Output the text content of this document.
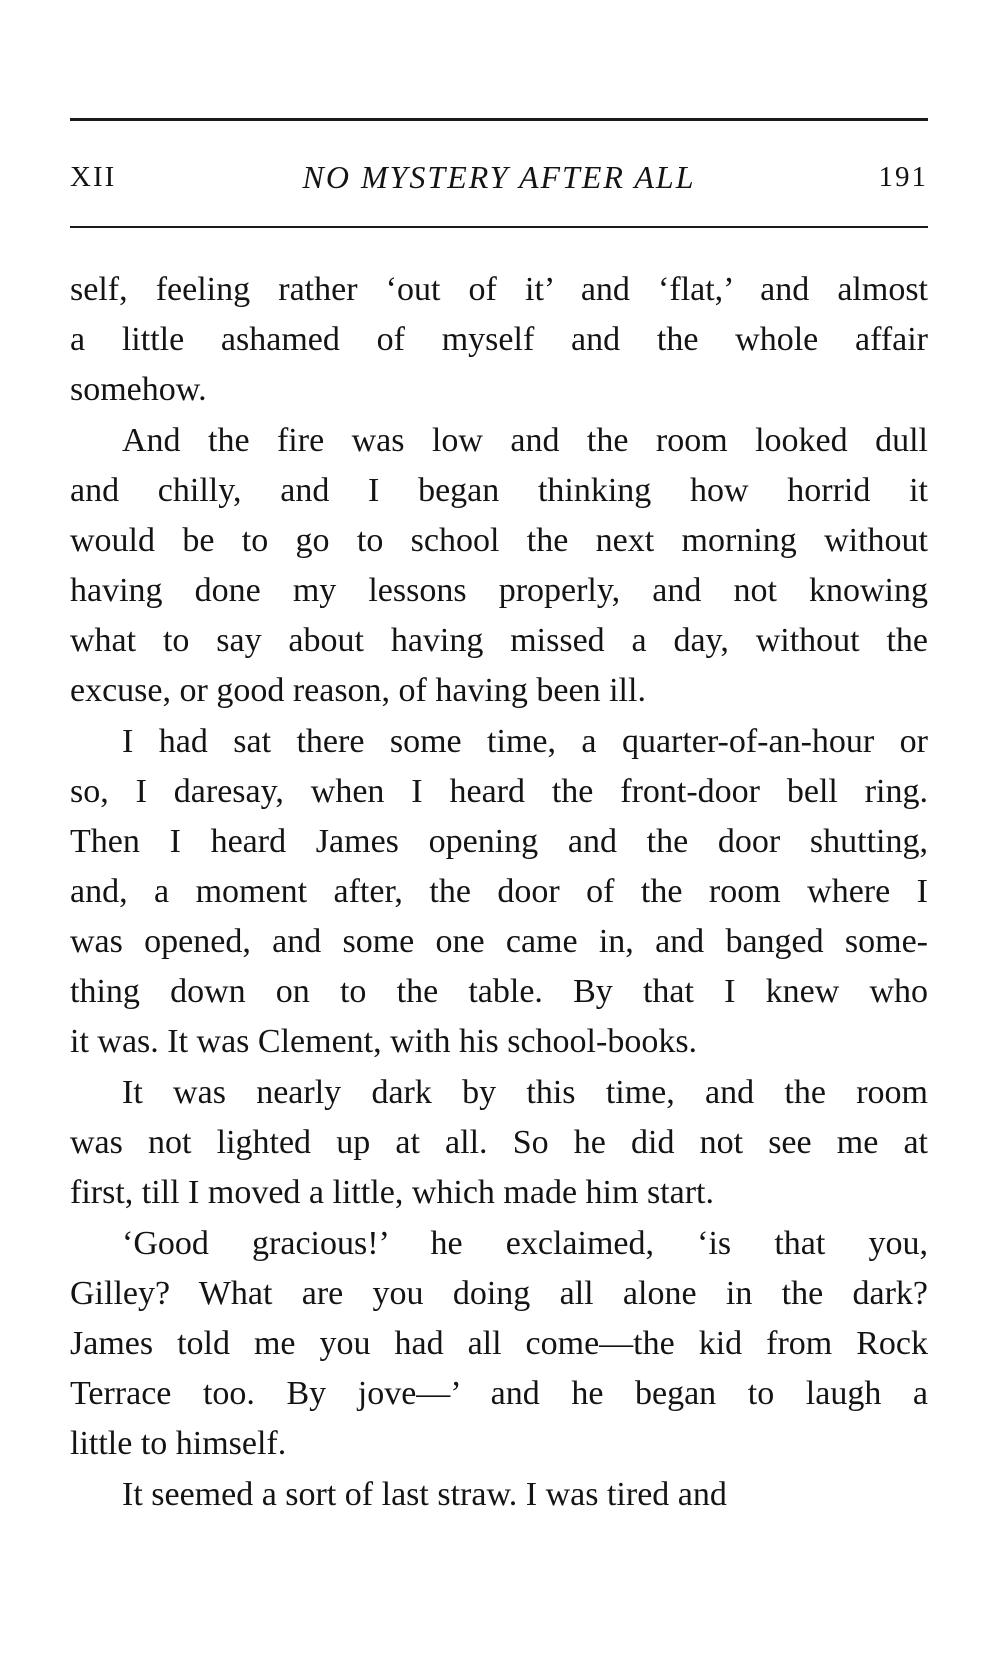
XII	NO MYSTERY AFTER ALL	191
self, feeling rather ‘out of it’ and ‘flat,’ and almost
a little ashamed of myself and the whole affair
somehow.
And the fire was low and the room looked dull
and chilly, and I began thinking how horrid it
would be to go to school the next morning without
having done my lessons properly, and not knowing
what to say about having missed a day, without the
excuse, or good reason, of having been ill.
I had sat there some time, a quarter-of-an-hour or
so, I daresay, when I heard the front-door bell ring.
Then I heard James opening and the door shutting,
and, a moment after, the door of the room where I
was opened, and some one came in, and banged some-
thing down on to the table. By that I knew who
it was. It was Clement, with his school-books.
It was nearly dark by this time, and the room
was not lighted up at all. So he did not see me at
first, till I moved a little, which made him start.
‘Good gracious!’ he exclaimed, ‘is that you,
Gilley? What are you doing all alone in the dark?
James told me you had all come—the kid from Rock
Terrace too. By jove—’ and he began to laugh a
little to himself.
It seemed a sort of last straw. I was tired and
